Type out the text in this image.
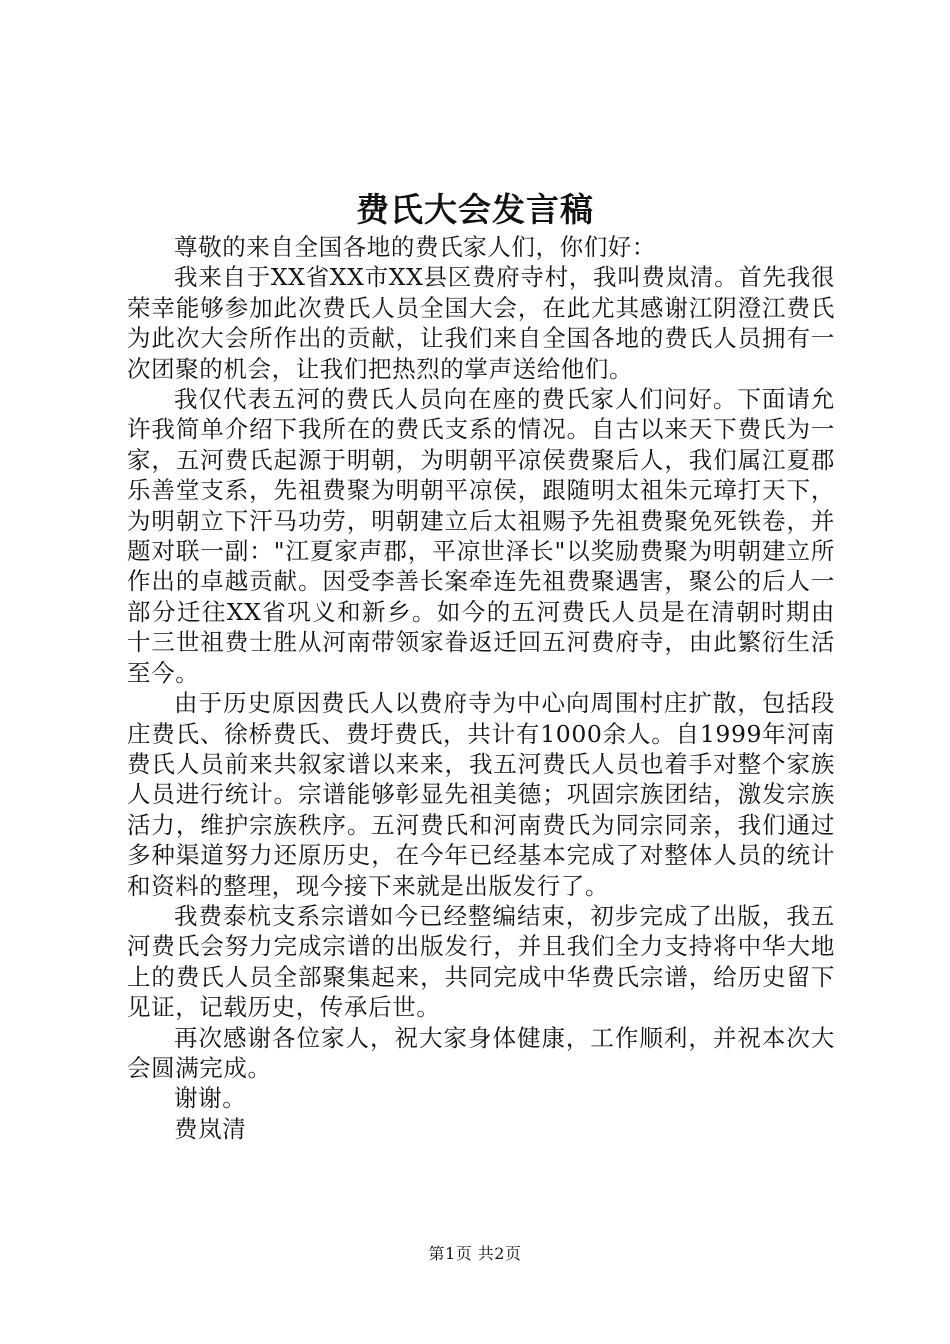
费氏大会发言稿

尊敬的来自全国各地的费氏家人们，你们好：

我来自于XX省XX市XX县区费府寺村，我叫费岚清。首先我很荣幸能够参加此次费氏人员全国大会，在此尤其感谢江阴澄江费氏为此次大会所作出的贡献，让我们来自全国各地的费氏人员拥有一次团聚的机会，让我们把热烈的掌声送给他们。

我仅代表五河的费氏人员向在座的费氏家人们问好。下面请允许我简单介绍下我所在的费氏支系的情况。自古以来天下费氏为一家，五河费氏起源于明朝，为明朝平凉侯费聚后人，我们属江夏郡乐善堂支系，先祖费聚为明朝平凉侯，跟随明太祖朱元璋打天下，为明朝立下汗马功劳，明朝建立后太祖赐予先祖费聚免死铁卷，并题对联一副："江夏家声郡，平凉世泽长"以奖励费聚为明朝建立所作出的卓越贡献。因受李善长案牵连先祖费聚遇害，聚公的后人一部分迁往XX省巩义和新乡。如今的五河费氏人员是在清朝时期由十三世祖费士胜从河南带领家眷返迁回五河费府寺，由此繁衍生活至今。

由于历史原因费氏人以费府寺为中心向周围村庄扩散，包括段庄费氏、徐桥费氏、费圩费氏，共计有1000余人。自1999年河南费氏人员前来共叙家谱以来来，我五河费氏人员也着手对整个家族人员进行统计。宗谱能够彰显先祖美德；巩固宗族团结，激发宗族活力，维护宗族秩序。五河费氏和河南费氏为同宗同亲，我们通过多种渠道努力还原历史，在今年已经基本完成了对整体人员的统计和资料的整理，现今接下来就是出版发行了。

我费泰杭支系宗谱如今已经整编结束，初步完成了出版，我五河费氏会努力完成宗谱的出版发行，并且我们全力支持将中华大地上的费氏人员全部聚集起来，共同完成中华费氏宗谱，给历史留下见证，记载历史，传承后世。

再次感谢各位家人，祝大家身体健康，工作顺利，并祝本次大会圆满完成。

谢谢。

费岚清

第1页 共2页
